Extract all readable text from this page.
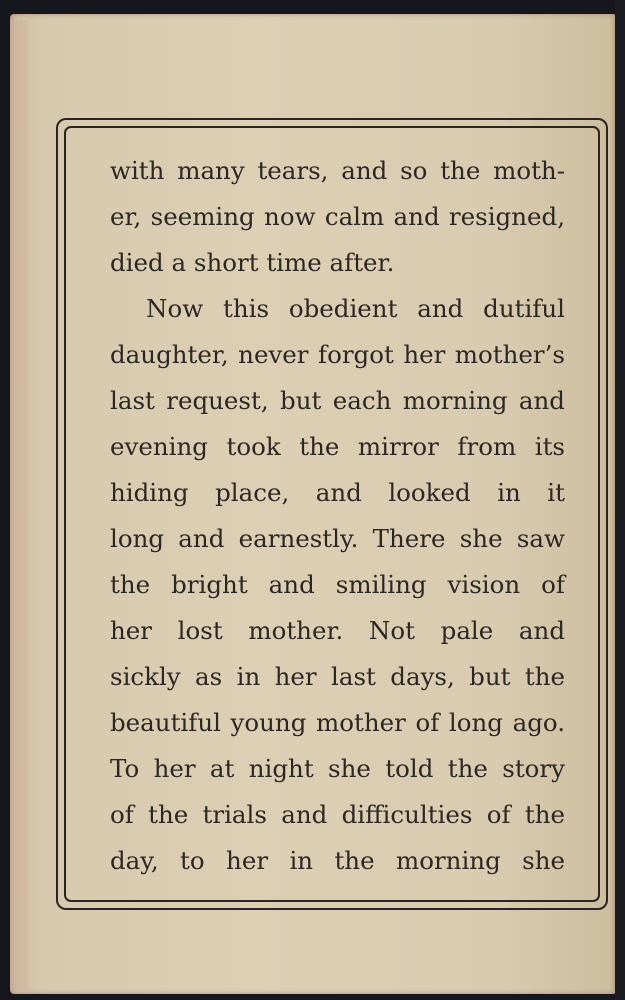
with many tears, and so the moth-
er, seeming now calm and resigned,
died a short time after.
Now this obedient and dutiful
daughter, never forgot her mother’s
last request, but each morning and
evening took the mirror from its
hiding place, and looked in it
long and earnestly. There she saw
the bright and smiling vision of
her lost mother. Not pale and
sickly as in her last days, but the
beautiful young mother of long ago.
To her at night she told the story
of the trials and difficulties of the
day, to her in the morning she
